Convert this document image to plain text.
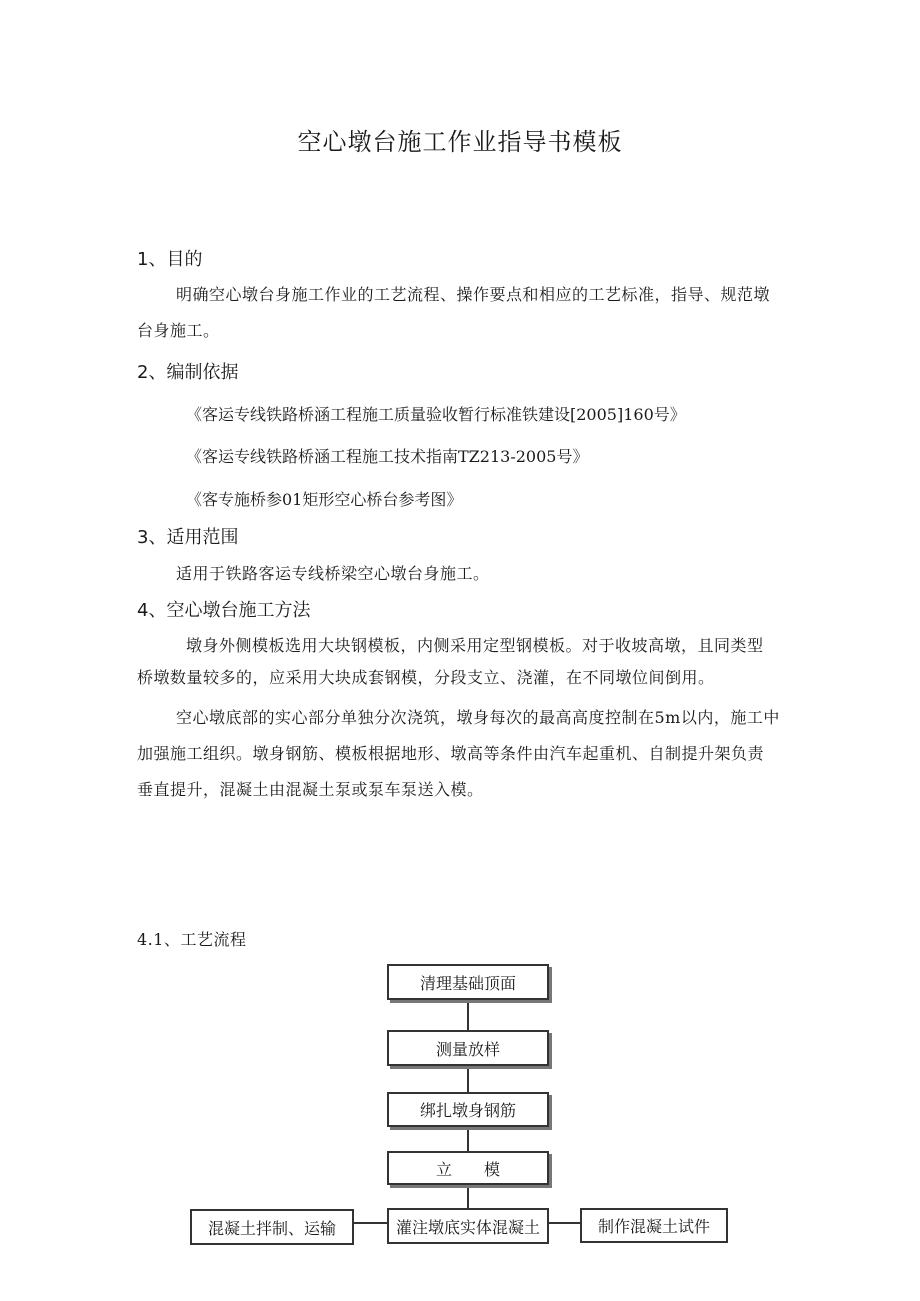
空心墩台施工作业指导书模板
1、目的
明确空心墩台身施工作业的工艺流程、操作要点和相应的工艺标准，指导、规范墩
台身施工。
2、编制依据
《客运专线铁路桥涵工程施工质量验收暂行标准铁建设[2005]160号》
《客运专线铁路桥涵工程施工技术指南TZ213-2005号》
《客专施桥参01矩形空心桥台参考图》
3、适用范围
适用于铁路客运专线桥梁空心墩台身施工。
4、空心墩台施工方法
墩身外侧模板选用大块钢模板，内侧采用定型钢模板。对于收坡高墩，且同类型
桥墩数量较多的，应采用大块成套钢模，分段支立、浇灌，在不同墩位间倒用。
空心墩底部的实心部分单独分次浇筑，墩身每次的最高高度控制在5m以内，施工中
加强施工组织。墩身钢筋、模板根据地形、墩高等条件由汽车起重机、自制提升架负责
垂直提升，混凝土由混凝土泵或泵车泵送入模。
4.1、工艺流程
清理基础顶面
测量放样
绑扎墩身钢筋
立　　模
灌注墩底实体混凝土
混凝土拌制、运输	制作混凝土试件
